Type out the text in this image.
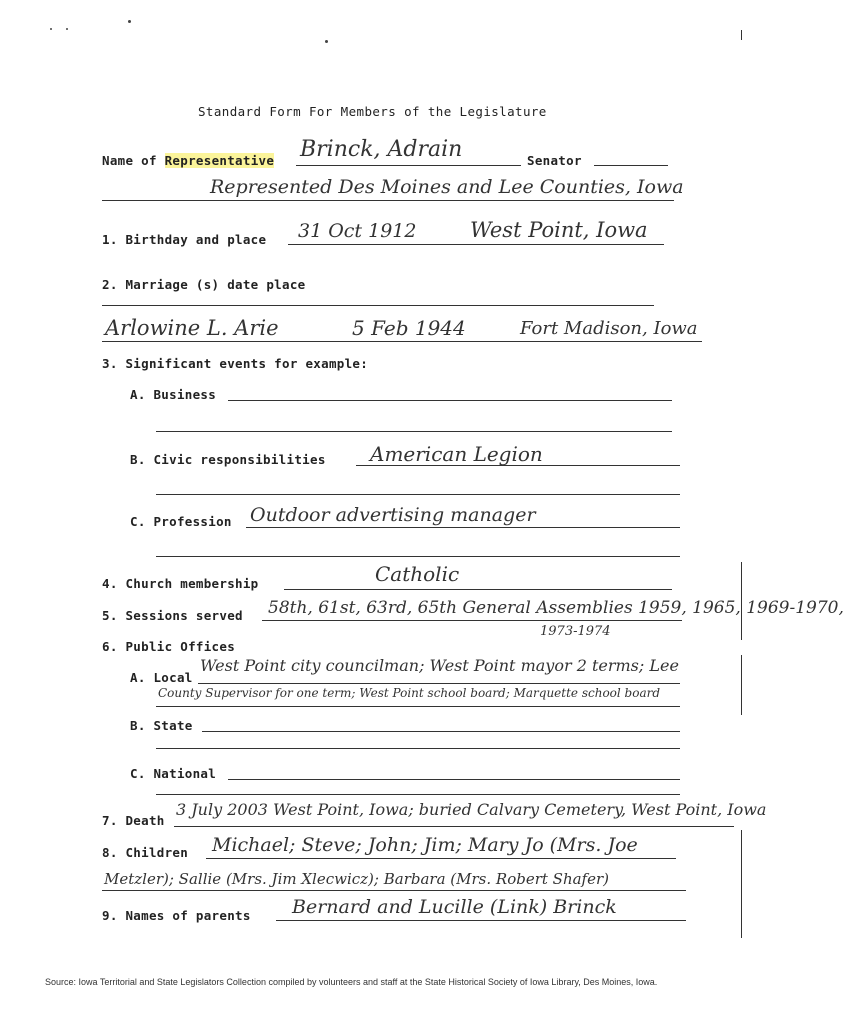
Standard Form For Members of the Legislature
Name of Representative Brinck, Adrain	Senator
Represented Des Moines and Lee Counties, Iowa
1. Birthday and place 31 Oct 1912	West Point, Iowa
2. Marriage (s) date place
Arlowine L. Arie	5 Feb 1944	Fort Madison, Iowa
3. Significant events for example:
A. Business
B. Civic responsibilities American Legion
C. Profession Outdoor advertising manager
4. Church membership	Catholic
5. Sessions served 58th, 61st, 63rd, 65th General Assemblies 1959, 1965, 1969-1970,
1973-1974
6. Public Offices
A. Local
West Point city councilman; West Point mayor 2 terms; Lee
County Supervisor for one term; West Point school board; Marquette school board
B. State
C. National
7. Death
3 July 2003 West Point, Iowa; buried Calvary Cemetery, West Point, Iowa
8. Children Michael; Steve; John; Jim; Mary Jo (Mrs. Joe
Metzler); Sallie (Mrs. Jim Xlecwicz); Barbara (Mrs. Robert Shafer)
9. Names of parents Bernard and Lucille (Link) Brinck
Source: Iowa Territorial and State Legislators Collection compiled by volunteers and staff at the State Historical Society of Iowa Library, Des Moines, Iowa.
